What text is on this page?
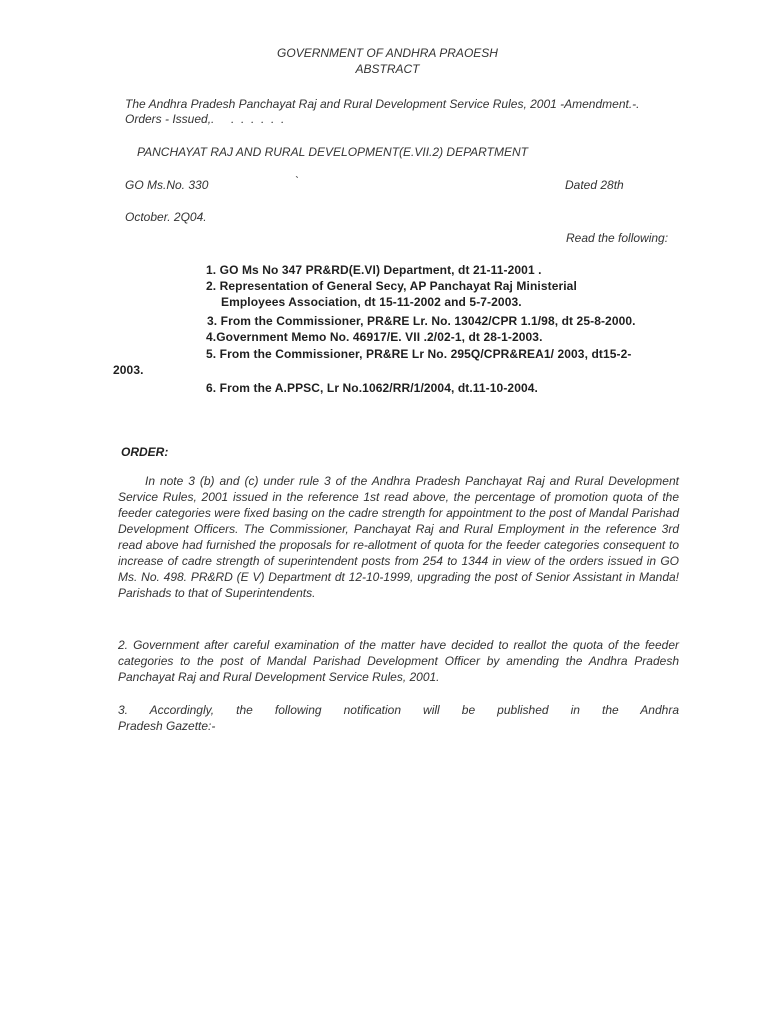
GOVERNMENT OF ANDHRA PRAOESH
ABSTRACT
The Andhra Pradesh Panchayat Raj and Rural Development Service Rules, 2001 -Amendment.-.
Orders - Issued,.     .  .  .  .  .  .
PANCHAYAT RAJ AND RURAL DEVELOPMENT(E.VII.2) DEPARTMENT
GO Ms.No. 330	`	Dated 28th
October. 2Q04.
Read the following:
1. GO Ms No 347 PR&RD(E.VI) Department, dt 21-11-2001 .
2. Representation of General Secy, AP Panchayat Raj Ministerial
Employees Association, dt 15-11-2002 and 5-7-2003.
3. From the Commissioner, PR&RE Lr. No. 13042/CPR 1.1/98, dt 25-8-2000.
4.Government Memo No. 46917/E. VII .2/02-1, dt 28-1-2003.
5. From the Commissioner, PR&RE Lr No. 295Q/CPR&REA1/ 2003, dt15-2-
2003.
6. From the A.PPSC, Lr No.1062/RR/1/2004, dt.11-10-2004.
ORDER:

In note 3 (b) and (c) under rule 3 of the Andhra Pradesh Panchayat Raj and Rural Development Service Rules, 2001 issued in the reference 1st read above, the percentage of promotion quota of the feeder categories were fixed basing on the cadre strength for appointment to the post of Mandal Parishad Development Officers. The Commissioner, Panchayat Raj and Rural Employment in the reference 3rd read above had furnished the proposals for re-allotment of quota for the feeder categories consequent to increase of cadre strength of superintendent posts from 254 to 1344 in view of the orders issued in GO Ms. No. 498. PR&RD (E V) Department dt 12-10-1999, upgrading the post of Senior Assistant in Manda! Parishads to that of Superintendents.

2. Government after careful examination of the matter have decided to reallot the quota of the feeder categories to the post of Mandal Parishad Development Officer by amending the Andhra Pradesh Panchayat Raj and Rural Development Service Rules, 2001.

3. Accordingly, the following notification will be published in the Andhra
Pradesh Gazette:-
